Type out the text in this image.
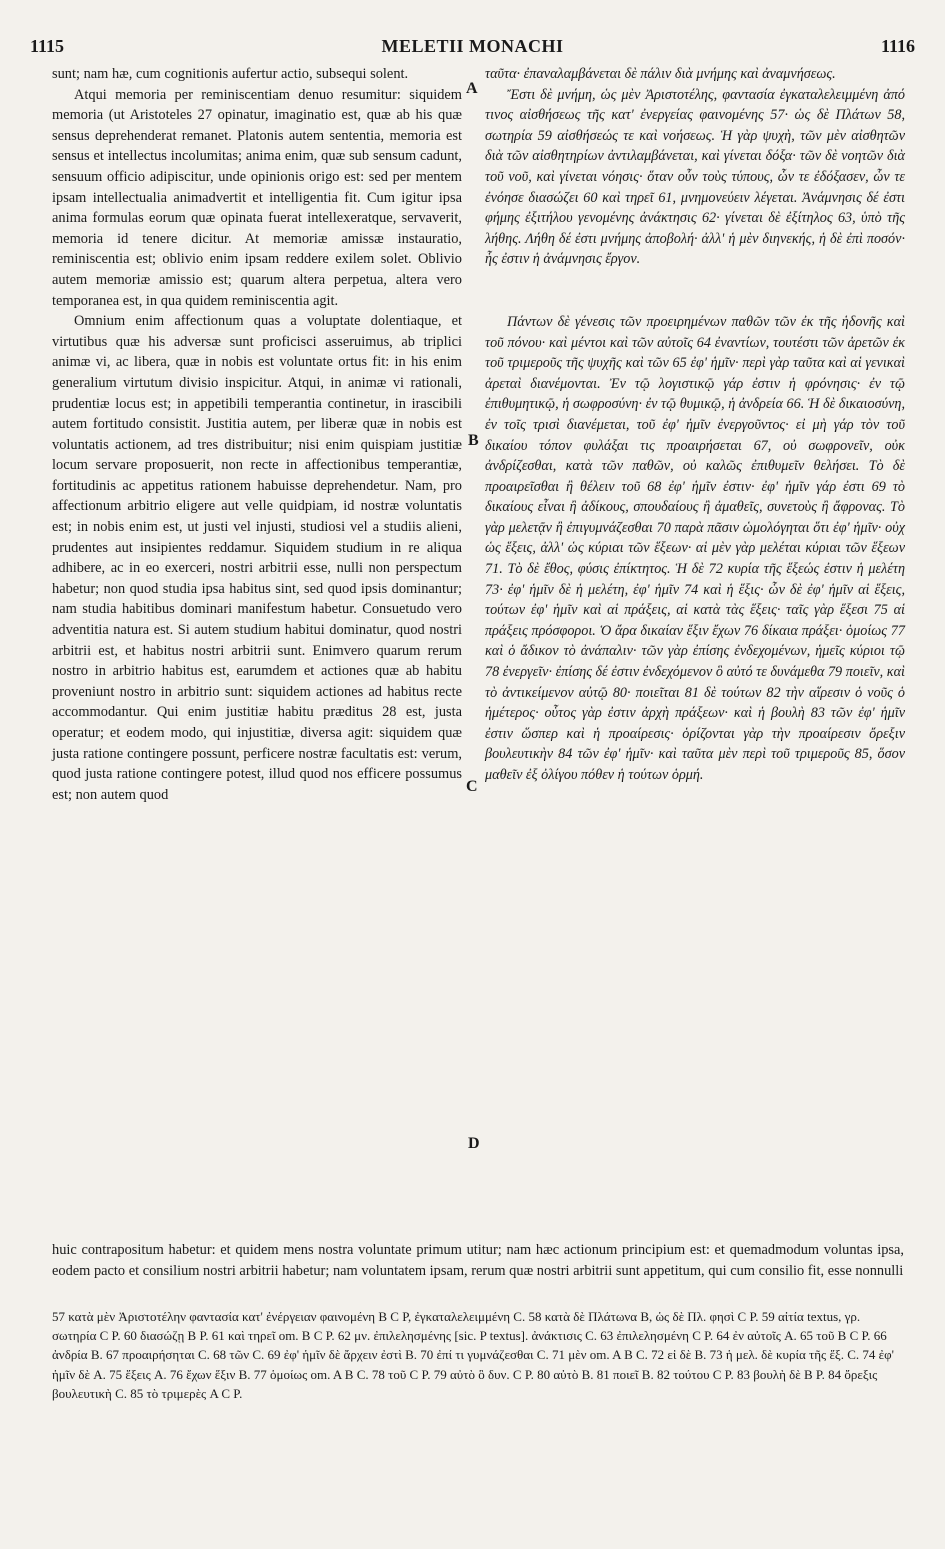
1115	MELETII MONACHI	1116

sunt; nam hæ, cum cognitionis aufertur actio, subsequi solent.

Atqui memoria per reminiscentiam denuo resumitur: siquidem memoria (ut Aristoteles 27 opinatur, imaginatio est, quæ ab his quæ sensus deprehenderat remanet. Platonis autem sententia, memoria est sensus et intellectus incolumitas; anima enim, quæ sub sensum cadunt, sensuum officio adipiscitur, unde opinionis origo est: sed per mentem ipsam intellectualia animadvertit et intelligentia fit. Cum igitur ipsa anima formulas eorum quæ opinata fuerat intellexeratque, servaverit, memoria id tenere dicitur. At memoriæ amissæ instauratio, reminiscentia est; oblivio enim ipsam reddere exilem solet. Oblivio autem memoriæ amissio est; quarum altera perpetua, altera vero temporanea est, in qua quidem reminiscentia agit.

Omnium enim affectionum quas a voluptate dolentiaque, et virtutibus quæ his adversæ sunt proficisci asseruimus, ab triplici animæ vi, ac libera, quæ in nobis est voluntate ortus fit: in his enim generalium virtutum divisio inspicitur. Atqui, in animæ vi rationali, prudentiæ locus est; in appetibili temperantia continetur, in irascibili autem fortitudo consistit. Justitia autem, per liberæ quæ in nobis est voluntatis actionem, ad tres distribuitur; nisi enim quispiam justitiæ locum servare proposuerit, non recte in affectionibus temperantiæ, fortitudinis ac appetitus rationem habuisse deprehendetur. Nam, pro affectionum arbitrio eligere aut velle quidpiam, id nostræ voluntatis est; in nobis enim est, ut justi vel injusti, studiosi vel a studiis alieni, prudentes aut insipientes reddamur. Siquidem studium in re aliqua adhibere, ac in eo exerceri, nostri arbitrii esse, nulli non perspectum habetur; non quod studia ipsa habitus sint, sed quod ipsis dominantur; nam studia habitibus dominari manifestum habetur. Consuetudo vero adventitia natura est. Si autem studium habitui dominatur, quod nostri arbitrii est, et habitus nostri arbitrii sunt. Enimvero quarum rerum nostro in arbitrio habitus est, earumdem et actiones quæ ab habitu proveniunt nostro in arbitrio sunt: siquidem actiones ad habitus recte accommodantur. Qui enim justitiæ habitu præditus 28 est, justa operatur; et eodem modo, qui injustitiæ, diversa agit: siquidem quæ justa ratione contingere possunt, perficere nostræ facultatis est: verum, quod justa ratione contingere potest, illud quod nos efficere possumus est; non autem quod

ταῦτα· ἐπαναλαμβάνεται δὲ πάλιν διὰ μνήμης καὶ ἀναμνήσεως.

Ἔστι δὲ μνήμη, ὡς μὲν Ἀριστοτέλης, φαντασία ἐγκαταλελειμμένη ἀπό τινος αἰσθήσεως τῆς κατ' ἐνεργείας φαινομένης 57· ὡς δὲ Πλάτων 58, σωτηρία 59 αἰσθήσεώς τε καὶ νοήσεως. Ἡ γὰρ ψυχὴ, τῶν μὲν αἰσθητῶν διὰ τῶν αἰσθητηρίων ἀντιλαμβάνεται, καὶ γίνεται δόξα· τῶν δὲ νοητῶν διὰ τοῦ νοῦ, καὶ γίνεται νόησις· ὅταν οὖν τοὺς τύπους, ὧν τε ἐδόξασεν, ὧν τε ἐνόησε διασώζει 60 καὶ τηρεῖ 61, μνημονεύειν λέγεται. Ἀνάμνησις δέ ἐστι φήμης ἐξιτήλου γενομένης ἀνάκτησις 62· γίνεται δὲ ἐξίτηλος 63, ὑπὸ τῆς λήθης. Λήθη δέ ἐστι μνήμης ἀποβολή· ἀλλ' ἡ μὲν διηνεκής, ἡ δὲ ἐπὶ ποσόν· ἧς ἐστιν ἡ ἀνάμνησις ἔργον.

Πάντων δὲ γένεσις τῶν προειρημένων παθῶν τῶν ἐκ τῆς ἡδονῆς καὶ τοῦ πόνου· καὶ μέντοι καὶ τῶν αὐτοῖς 64 ἐναντίων, τουτέστι τῶν ἀρετῶν ἐκ τοῦ τριμεροῦς τῆς ψυχῆς καὶ τῶν 65 ἐφ' ἡμῖν· περὶ γὰρ ταῦτα καὶ αἱ γενικαὶ ἀρεταὶ διανέμονται. Ἐν τῷ λογιστικῷ γάρ ἐστιν ἡ φρόνησις· ἐν τῷ ἐπιθυμητικῷ, ἡ σωφροσύνη· ἐν τῷ θυμικῷ, ἡ ἀνδρεία 66. Ἡ δὲ δικαιοσύνη, ἐν τοῖς τρισὶ διανέμεται, τοῦ ἐφ' ἡμῖν ἐνεργοῦντος· εἰ μὴ γάρ τὸν τοῦ δικαίου τόπον φυλάξαι τις προαιρήσεται 67, οὐ σωφρονεῖν, οὐκ ἀνδρίζεσθαι, κατὰ τῶν παθῶν, οὐ καλῶς ἐπιθυμεῖν θελήσει. Τὸ δὲ προαιρεῖσθαι ἢ θέλειν τοῦ 68 ἐφ' ἡμῖν ἐστιν· ἐφ' ἡμῖν γάρ ἐστι 69 τὸ δικαίους εἶναι ἢ ἀδίκους, σπουδαίους ἢ ἀμαθεῖς, συνετοὺς ἢ ἄφρονας. Τὸ γὰρ μελετᾷν ἢ ἐπιγυμνάζεσθαι 70 παρὰ πᾶσιν ὡμολόγηται ὅτι ἐφ' ἡμῖν· οὐχ ὡς ἕξεις, ἀλλ' ὡς κύριαι τῶν ἕξεων· αἱ μὲν γὰρ μελέται κύριαι τῶν ἕξεων 71. Τὸ δὲ ἔθος, φύσις ἐπίκτητος. Ἡ δὲ 72 κυρία τῆς ἕξεώς ἐστιν ἡ μελέτη 73· ἐφ' ἡμῖν δὲ ἡ μελέτη, ἐφ' ἡμῖν 74 καὶ ἡ ἕξις· ὧν δὲ ἐφ' ἡμῖν αἱ ἕξεις, τούτων ἐφ' ἡμῖν καὶ αἱ πράξεις, αἱ κατὰ τὰς ἕξεις· ταῖς γὰρ ἕξεσι 75 αἱ πράξεις πρόσφοροι. Ὁ ἄρα δικαίαν ἕξιν ἔχων 76 δίκαια πράξει· ὁμοίως 77 καὶ ὁ ἄδικον τὸ ἀνάπαλιν· τῶν γὰρ ἐπίσης ἐνδεχομένων, ἡμεῖς κύριοι τῷ 78 ἐνεργεῖν· ἐπίσης δέ ἐστιν ἐνδεχόμενον ὃ αὐτό τε δυνάμεθα 79 ποιεῖν, καὶ τὸ ἀντικείμενον αὐτῷ 80· ποιεῖται 81 δὲ τούτων 82 τὴν αἵρεσιν ὁ νοῦς ὁ ἡμέτερος· οὗτος γὰρ ἐστιν ἀρχὴ πράξεων· καὶ ἡ βουλὴ 83 τῶν ἐφ' ἡμῖν ἐστιν ὥσπερ καὶ ἡ προαίρεσις· ὁρίζονται γὰρ τὴν προαίρεσιν ὄρεξιν βουλευτικὴν 84 τῶν ἐφ' ἡμῖν· καὶ ταῦτα μὲν περὶ τοῦ τριμεροῦς 85, ὅσον μαθεῖν ἐξ ὀλίγου πόθεν ἡ τούτων ὁρμή.

A
B
C
D
huic contrapositum habetur: et quidem mens nostra voluntate primum utitur; nam hæc actionum principium est: et quemadmodum voluntas ipsa, eodem pacto et consilium nostri arbitrii habetur; nam voluntatem ipsam, rerum quæ nostri arbitrii sunt appetitum, qui cum consilio fit, esse nonnulli

57 κατὰ μὲν Ἀριστοτέλην φαντασία κατ' ἐνέργειαν φαινομένη B C P, ἐγκαταλελειμμένη C. 58 κατὰ δὲ Πλάτωνα B, ὡς δὲ Πλ. φησὶ C P. 59 αἰτία textus, γρ. σωτηρία C P. 60 διασώζῃ B P. 61 καὶ τηρεῖ om. B C P. 62 μν. ἐπιλελησμένης [sic. P textus]. ἀνάκτισις C. 63 ἐπιλελησμένη C P. 64 ἐν αὐτοῖς A. 65 τοῦ B C P. 66 ἀνδρία B. 67 προαιρήσηται C. 68 τῶν C. 69 ἐφ' ἡμῖν δὲ ἄρχειν ἐστὶ B. 70 ἐπί τι γυμνάζεσθαι C. 71 μὲν om. A B C. 72 εἰ δὲ B. 73 ἡ μελ. δὲ κυρία τῆς ἕξ. C. 74 ἐφ' ἡμῖν δὲ A. 75 ἕξεις A. 76 ἔχων ἕξιν B. 77 ὁμοίως om. A B C. 78 τοῦ C P. 79 αὐτὸ ὃ δυν. C P. 80 αὐτὸ B. 81 ποιεῖ B. 82 τούτου C P. 83 βουλὴ δὲ B P. 84 ὄρεξις βουλευτικὴ C. 85 τὸ τριμερὲς A C P.
